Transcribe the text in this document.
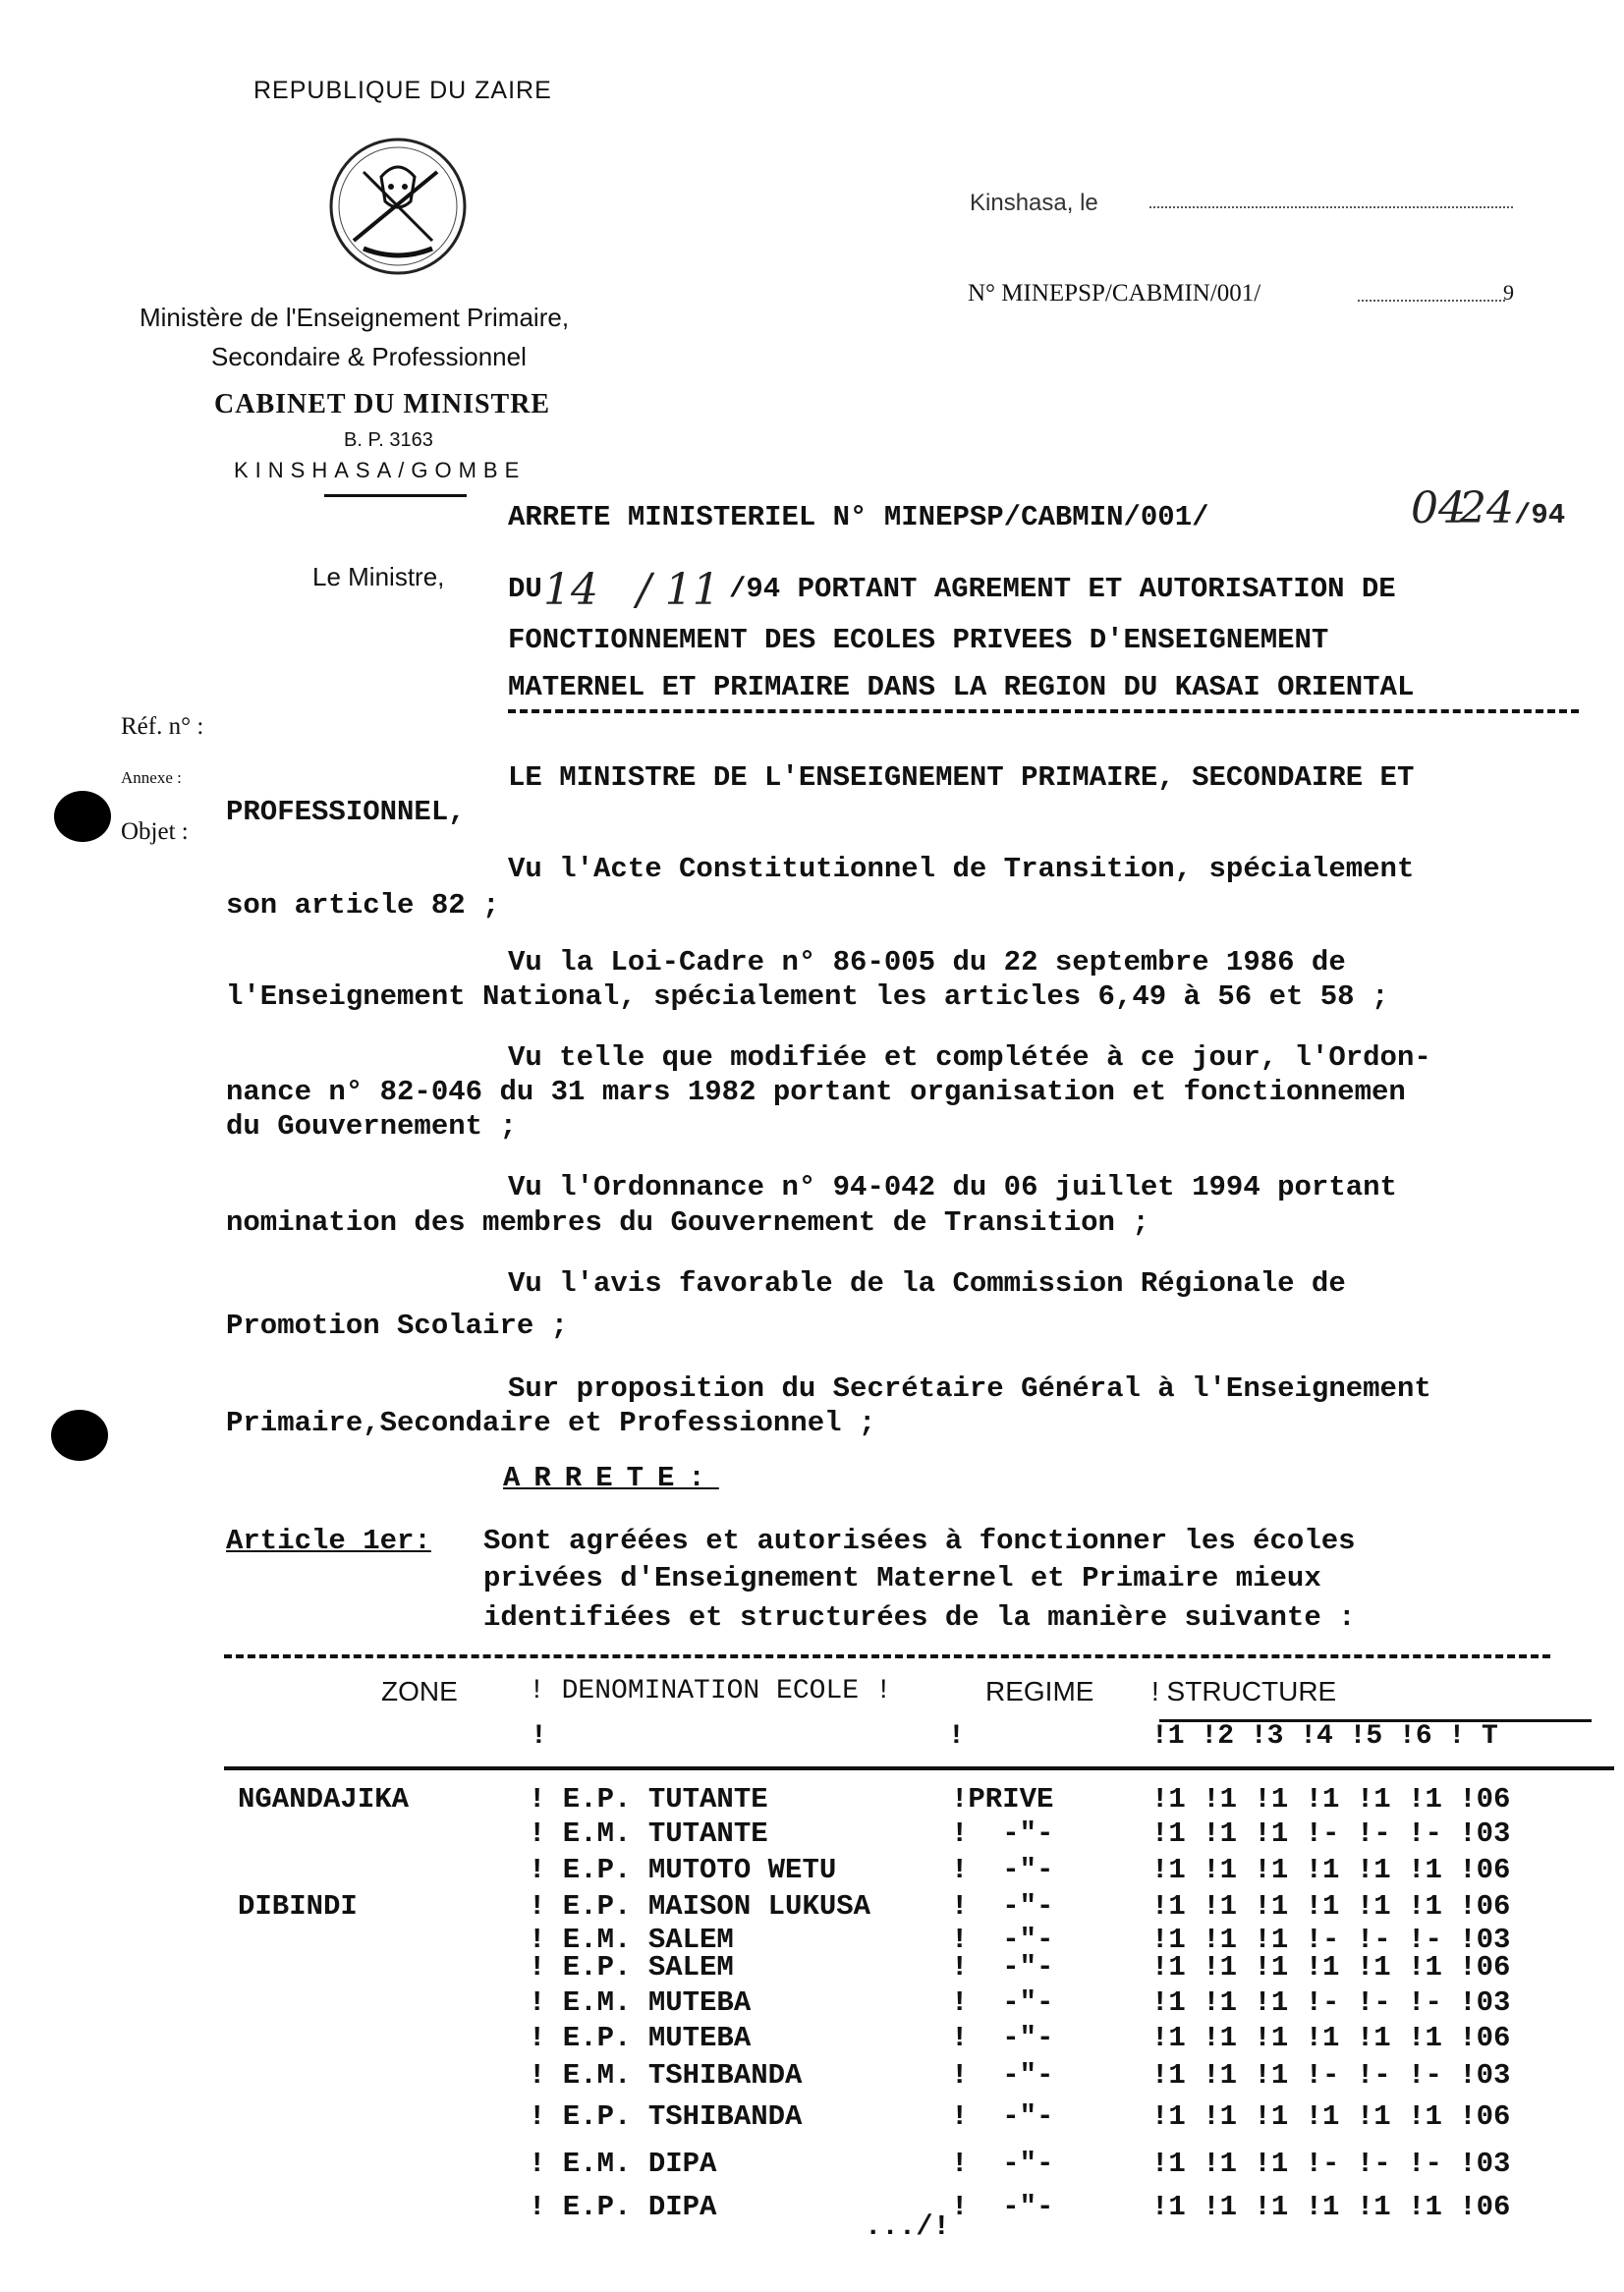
REPUBLIQUE DU ZAIRE
Ministère de l'Enseignement Primaire,
Secondaire & Professionnel
CABINET DU MINISTRE
B. P. 3163
KINSHASA/GOMBE
Kinshasa, le
N° MINEPSP/CABMIN/001/	9
ARRETE MINISTERIEL N° MINEPSP/CABMIN/001/	04
24/94
Le Ministre, DU 14 / 11 /94 PORTANT AGREMENT ET AUTORISATION DE
FONCTIONNEMENT DES ECOLES PRIVEES D'ENSEIGNEMENT
MATERNEL ET PRIMAIRE DANS LA REGION DU KASAI ORIENTAL
Réf. n° :
Annexe :
Objet :
LE MINISTRE DE L'ENSEIGNEMENT PRIMAIRE, SECONDAIRE ET
PROFESSIONNEL,
Vu l'Acte Constitutionnel de Transition, spécialement
son article 82 ;
Vu la Loi-Cadre n° 86-005 du 22 septembre 1986 de
l'Enseignement National, spécialement les articles 6,49 à 56 et 58 ;
Vu telle que modifiée et complétée à ce jour, l'Ordon-
nance n° 82-046 du 31 mars 1982 portant organisation et fonctionnemen
du Gouvernement ;
Vu l'Ordonnance n° 94-042 du 06 juillet 1994 portant
nomination des membres du Gouvernement de Transition ;
Vu l'avis favorable de la Commission Régionale de
Promotion Scolaire ;
Sur proposition du Secrétaire Général à l'Enseignement
Primaire,Secondaire et Professionnel ;
ARRETE:
Article 1er: Sont agréées et autorisées à fonctionner les écoles
privées d'Enseignement Maternel et Primaire mieux
identifiées et structurées de la manière suivante :
ZONE	! DENOMINATION ECOLE !	REGIME ! STRUCTURE
!	!	!1 !2 !3 !4 !5 !6 ! T
NGANDAJIKA	! E.P. TUTANTE	!PRIVE	!1 !1 !1 !1 !1 !1 !06
! E.M. TUTANTE	!  -"-	!1 !1 !1 !- !- !- !03
! E.P. MUTOTO WETU	!  -"-	!1 !1 !1 !1 !1 !1 !06
DIBINDI	! E.P. MAISON LUKUSA	!  -"-	!1 !1 !1 !1 !1 !1 !06
! E.M. SALEM	!  -"-	!1 !1 !1 !- !- !- !03
! E.P. SALEM	!  -"-	!1 !1 !1 !1 !1 !1 !06
! E.M. MUTEBA	!  -"-	!1 !1 !1 !- !- !- !03
! E.P. MUTEBA	!  -"-	!1 !1 !1 !1 !1 !1 !06
! E.M. TSHIBANDA	!  -"-	!1 !1 !1 !- !- !- !03
! E.P. TSHIBANDA	!  -"-	!1 !1 !1 !1 !1 !1 !06
! E.M. DIPA	!  -"-	!1 !1 !1 !- !- !- !03
! E.P. DIPA	!  -"-	!1 !1 !1 !1 !1 !1 !06
.../!
